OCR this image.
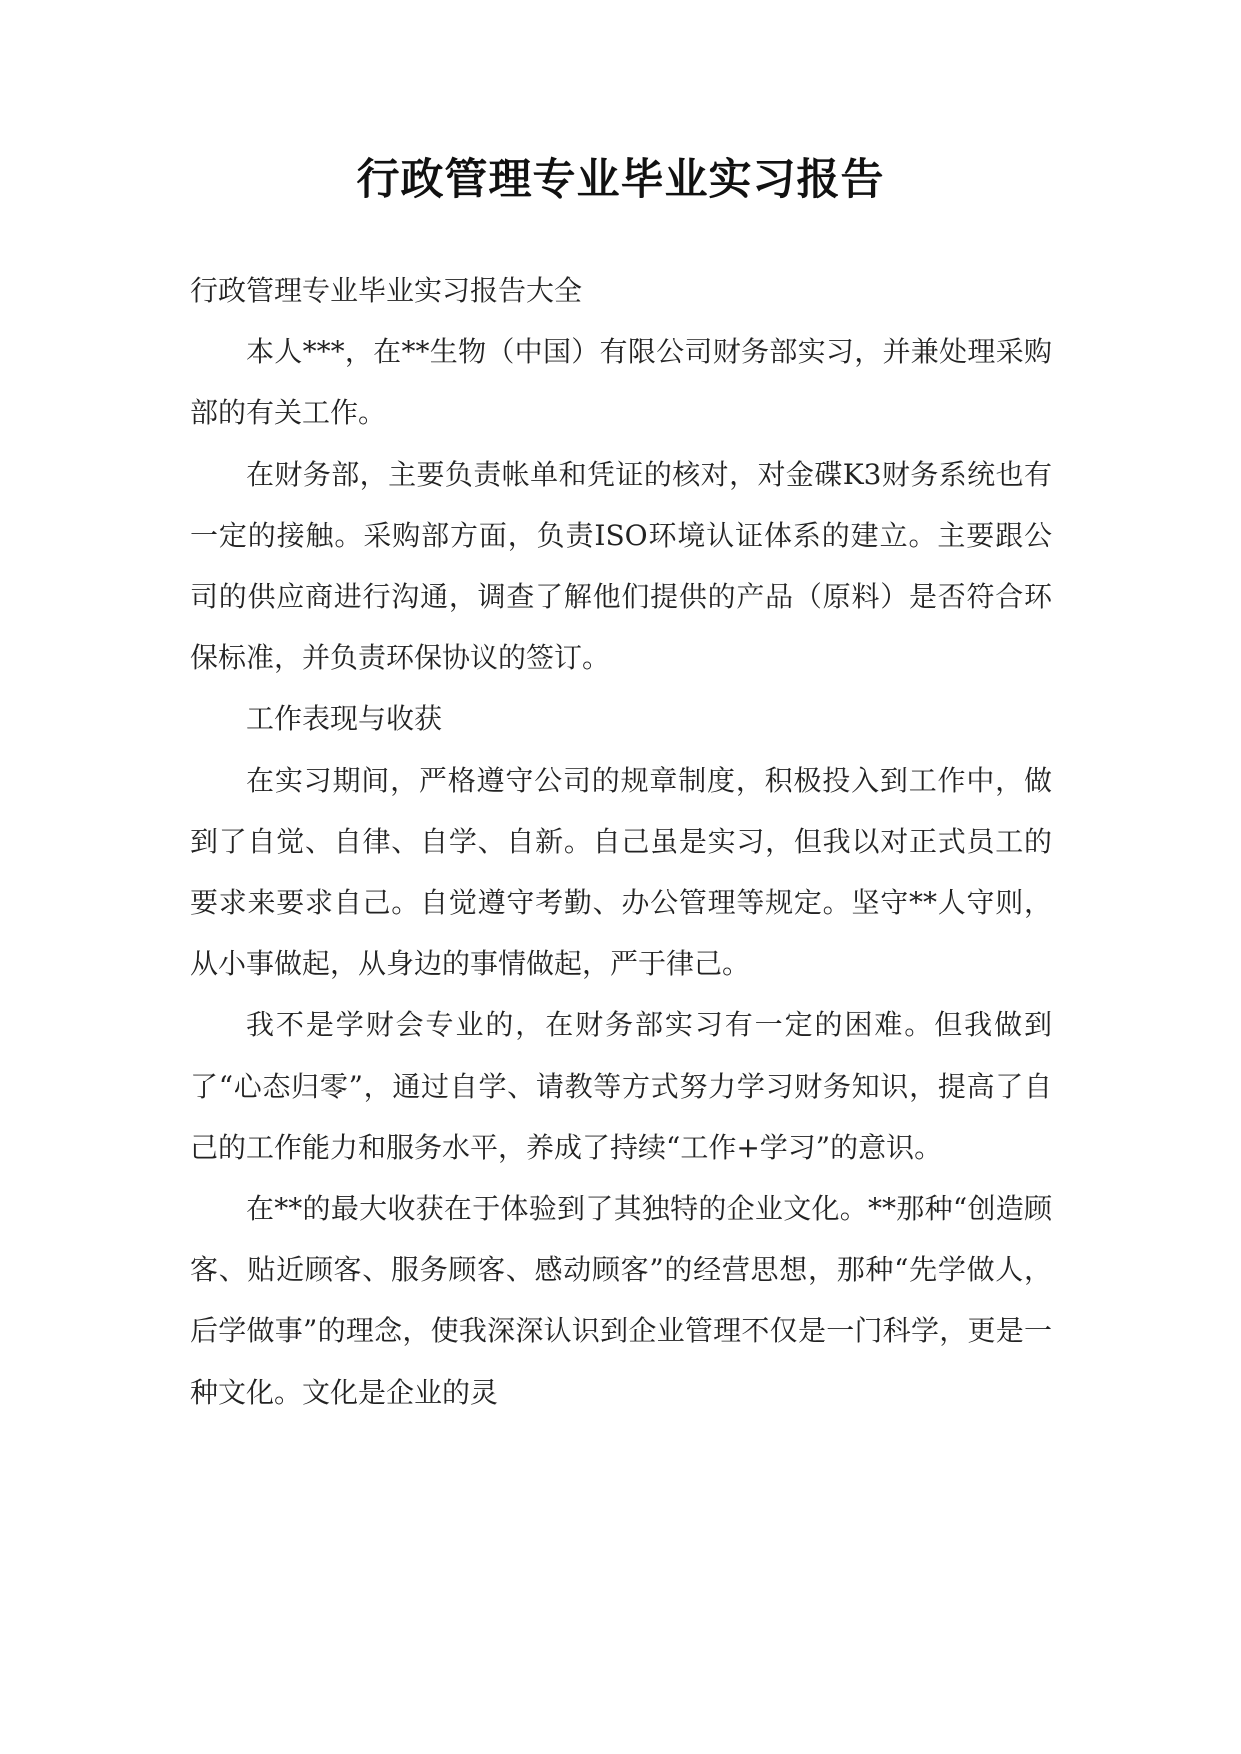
行政管理专业毕业实习报告

行政管理专业毕业实习报告大全

本人***，在**生物（中国）有限公司财务部实习，并兼处理采购部的有关工作。

在财务部，主要负责帐单和凭证的核对，对金碟K3财务系统也有一定的接触。采购部方面，负责ISO环境认证体系的建立。主要跟公司的供应商进行沟通，调查了解他们提供的产品（原料）是否符合环保标准，并负责环保协议的签订。

工作表现与收获

在实习期间，严格遵守公司的规章制度，积极投入到工作中，做到了自觉、自律、自学、自新。自己虽是实习，但我以对正式员工的要求来要求自己。自觉遵守考勤、办公管理等规定。坚守**人守则，从小事做起，从身边的事情做起，严于律己。

我不是学财会专业的，在财务部实习有一定的困难。但我做到了“心态归零”，通过自学、请教等方式努力学习财务知识，提高了自己的工作能力和服务水平，养成了持续“工作+学习”的意识。

在**的最大收获在于体验到了其独特的企业文化。**那种“创造顾客、贴近顾客、服务顾客、感动顾客”的经营思想，那种“先学做人，后学做事”的理念，使我深深认识到企业管理不仅是一门科学，更是一种文化。文化是企业的灵
